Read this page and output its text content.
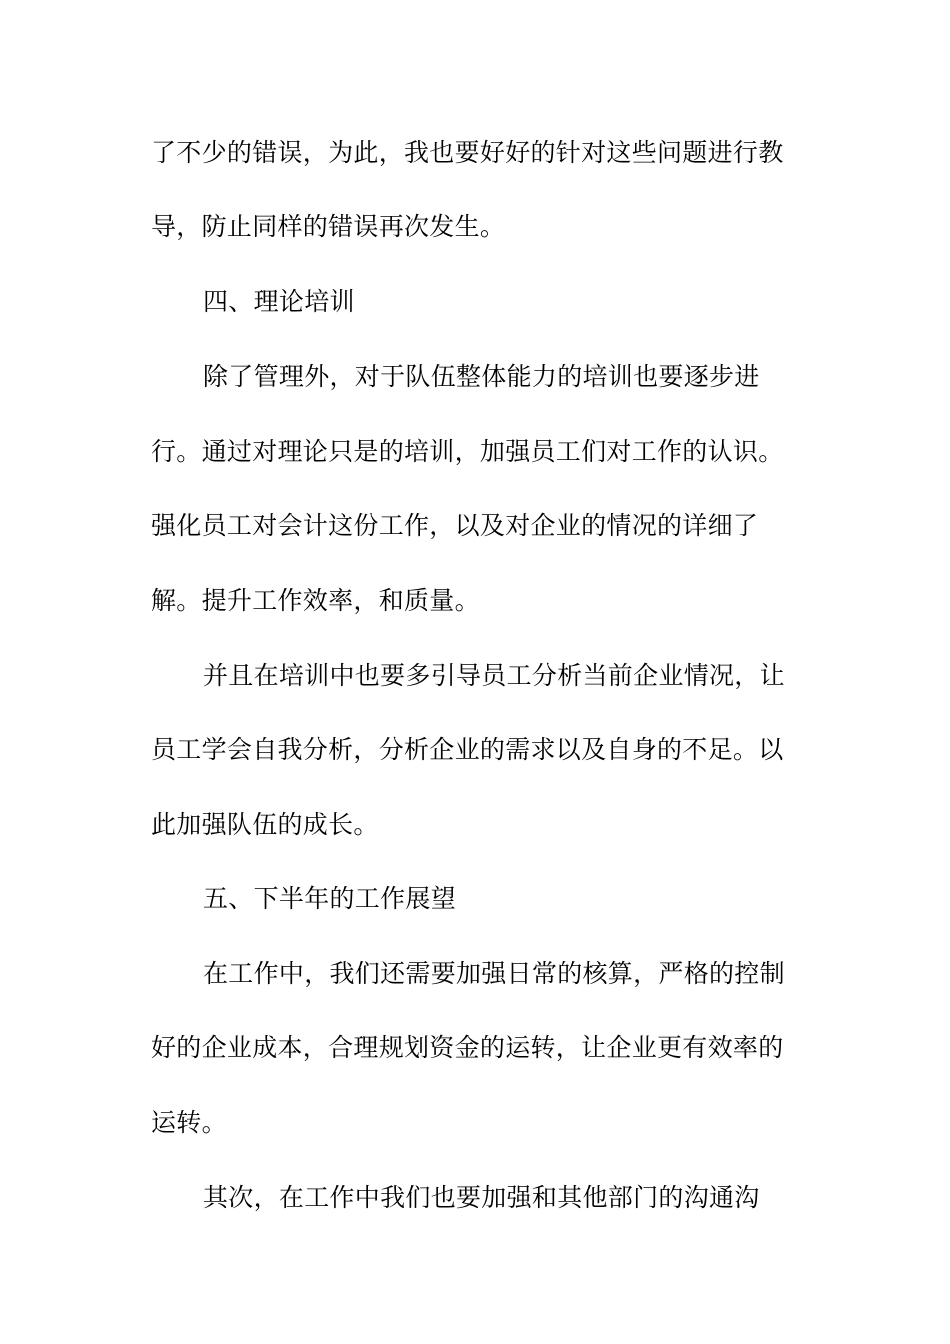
了不少的错误，为此，我也要好好的针对这些问题进行教
导，防止同样的错误再次发生。
四、理论培训
除了管理外，对于队伍整体能力的培训也要逐步进
行。通过对理论只是的培训，加强员工们对工作的认识。
强化员工对会计这份工作，以及对企业的情况的详细了
解。提升工作效率，和质量。
并且在培训中也要多引导员工分析当前企业情况，让
员工学会自我分析，分析企业的需求以及自身的不足。以
此加强队伍的成长。
五、下半年的工作展望
在工作中，我们还需要加强日常的核算，严格的控制
好的企业成本，合理规划资金的运转，让企业更有效率的
运转。
其次，在工作中我们也要加强和其他部门的沟通沟
